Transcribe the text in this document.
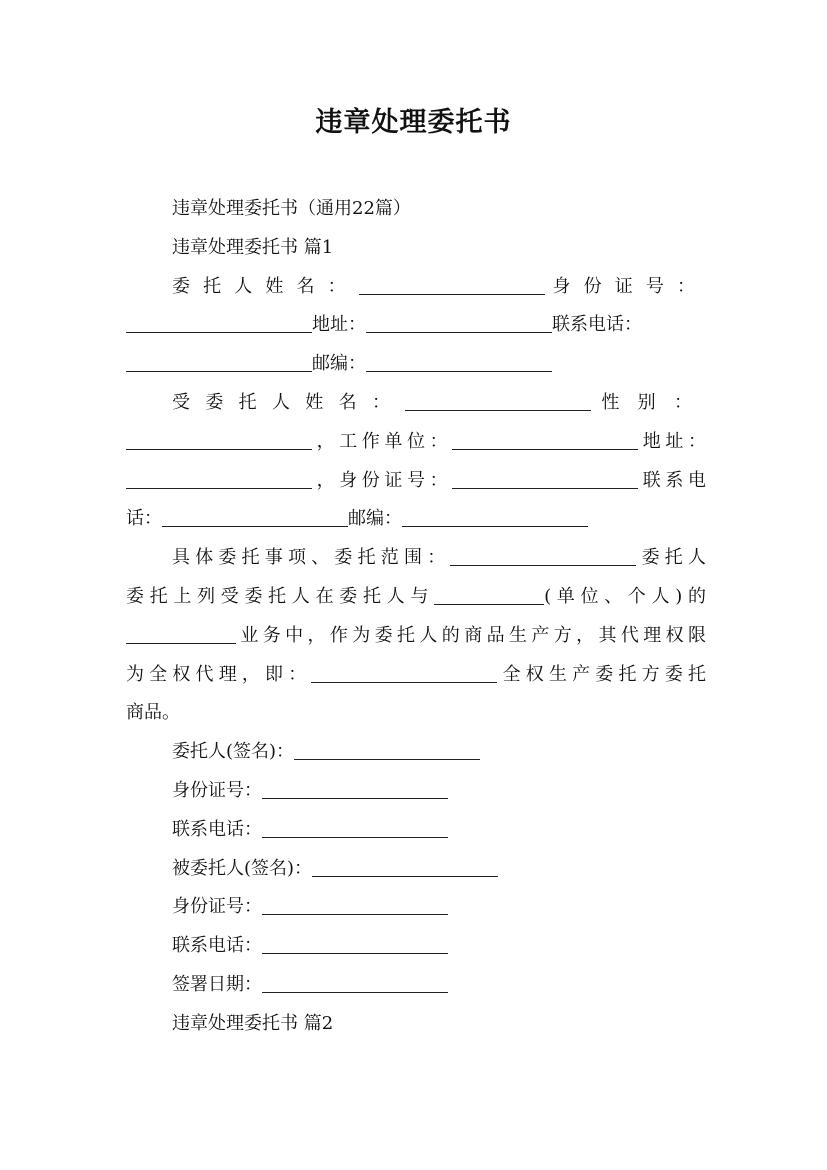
违章处理委托书

违章处理委托书（通用22篇）

违章处理委托书 篇1

委托人姓名：	身份证号：

地址：	联系电话：

邮编：

受委托人姓名：	性别：

，工作单位：	地址：

，身份证号：	联系电

话：	邮编：

具体委托事项、委托范围：	委托人

委托上列受委托人在委托人与	(单位、个人)的

业务中，作为委托人的商品生产方，其代理权限

为全权代理，即：	全权生产委托方委托

商品。

委托人(签名)：

身份证号：

联系电话：

被委托人(签名)：

身份证号：

联系电话：

签署日期：

违章处理委托书 篇2
